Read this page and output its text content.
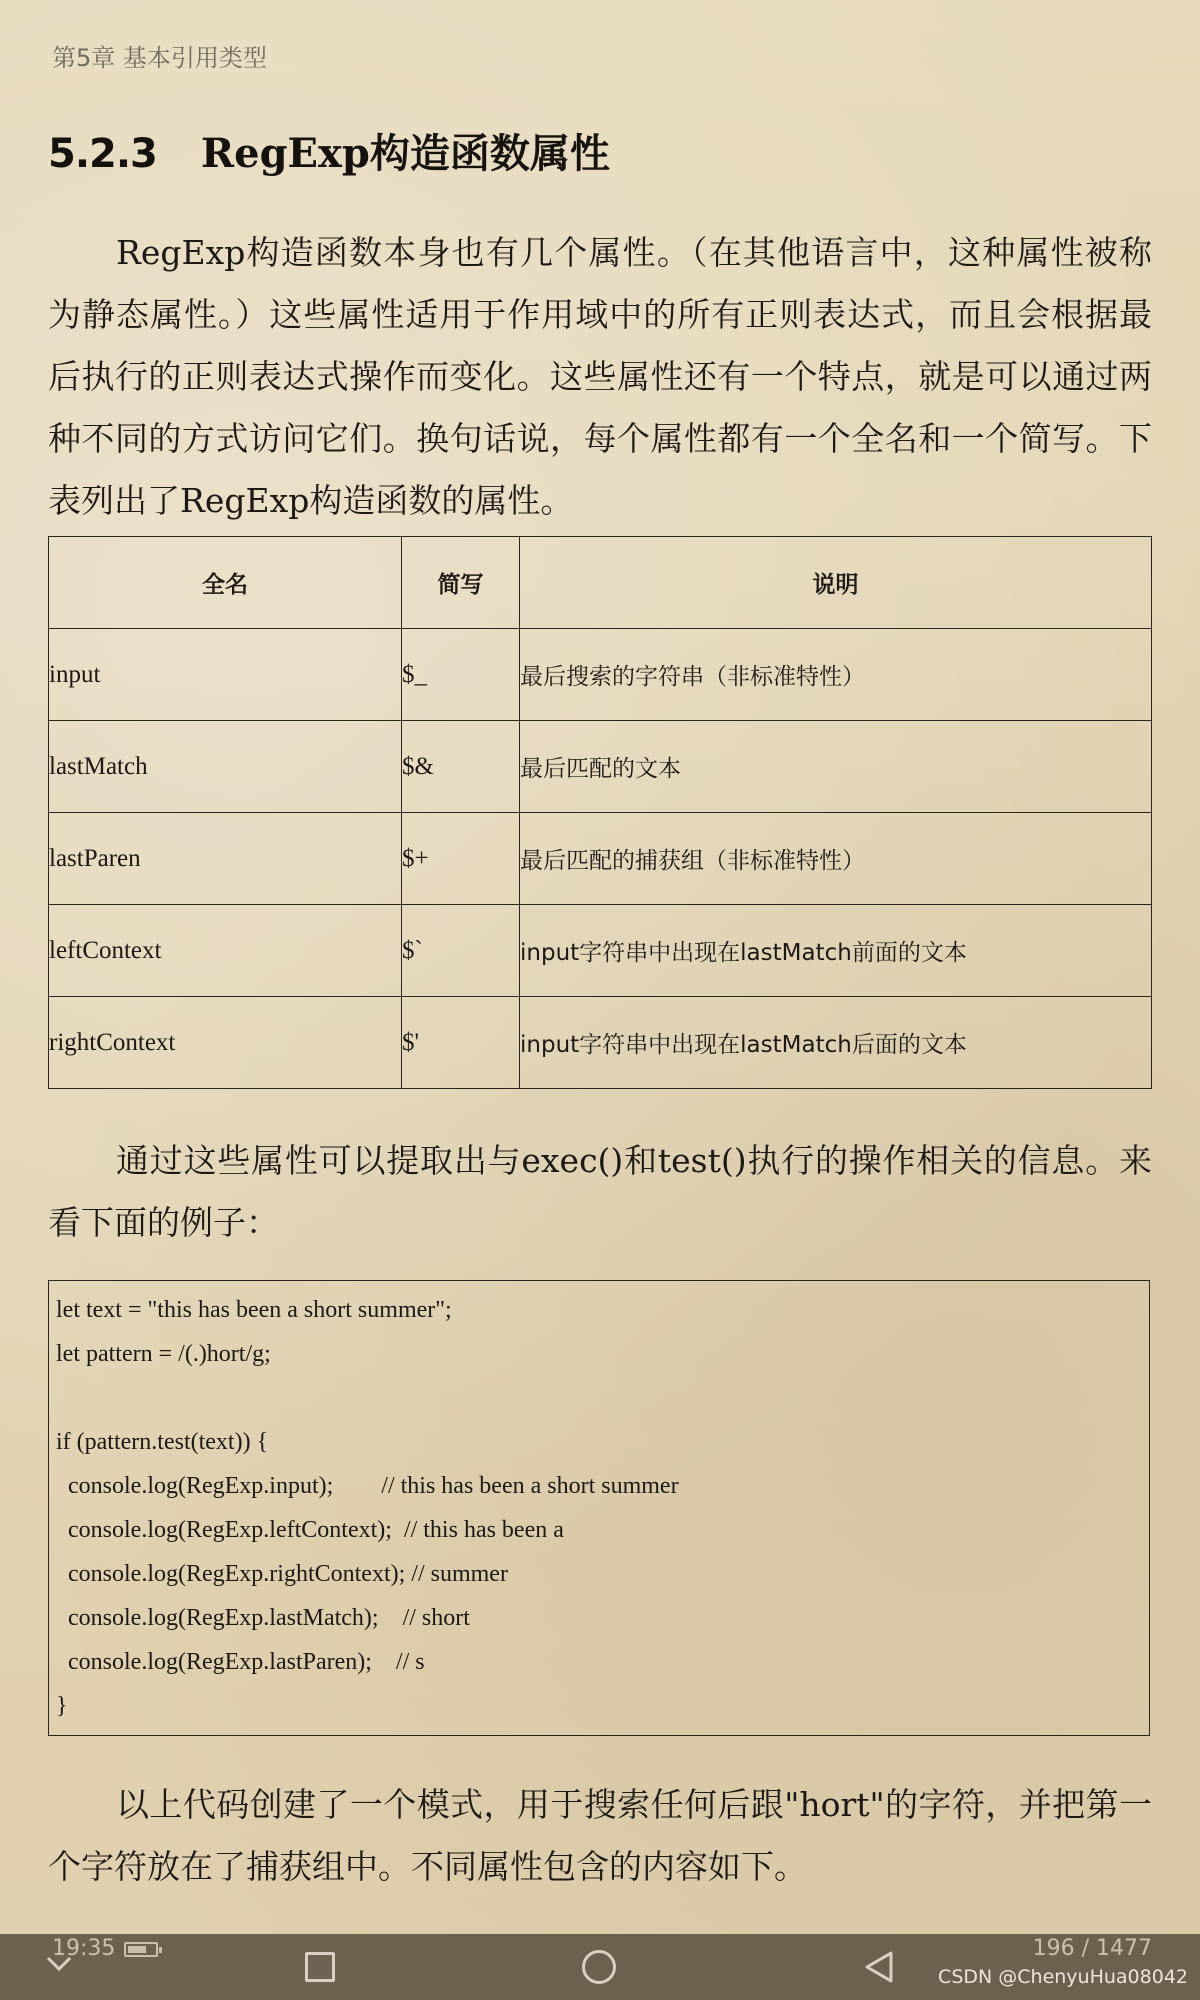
第5章 基本引用类型
5.2.3 RegExp构造函数属性

RegExp构造函数本身也有几个属性。（在其他语言中，这种属性被称为静态属性。）这些属性适用于作用域中的所有正则表达式，而且会根据最后执行的正则表达式操作而变化。这些属性还有一个特点，就是可以通过两种不同的方式访问它们。换句话说，每个属性都有一个全名和一个简写。下表列出了RegExp构造函数的属性。

全名	简写	说明
input	$_	最后搜索的字符串（非标准特性）
lastMatch	$&	最后匹配的文本
lastParen	$+	最后匹配的捕获组（非标准特性）
leftContext	$`	input字符串中出现在lastMatch前面的文本
rightContext	$'	input字符串中出现在lastMatch后面的文本

通过这些属性可以提取出与exec()和test()执行的操作相关的信息。来看下面的例子：

let text = "this has been a short summer";
let pattern = /(.)hort/g;
if (pattern.test(text)) {
console.log(RegExp.input);        // this has been a short summer
console.log(RegExp.leftContext);  // this has been a
console.log(RegExp.rightContext); // summer
console.log(RegExp.lastMatch);    // short
console.log(RegExp.lastParen);    // s
}

以上代码创建了一个模式，用于搜索任何后跟"hort"的字符，并把第一个字符放在了捕获组中。不同属性包含的内容如下。

19:35	196 / 1477
CSDN @ChenyuHua08042
